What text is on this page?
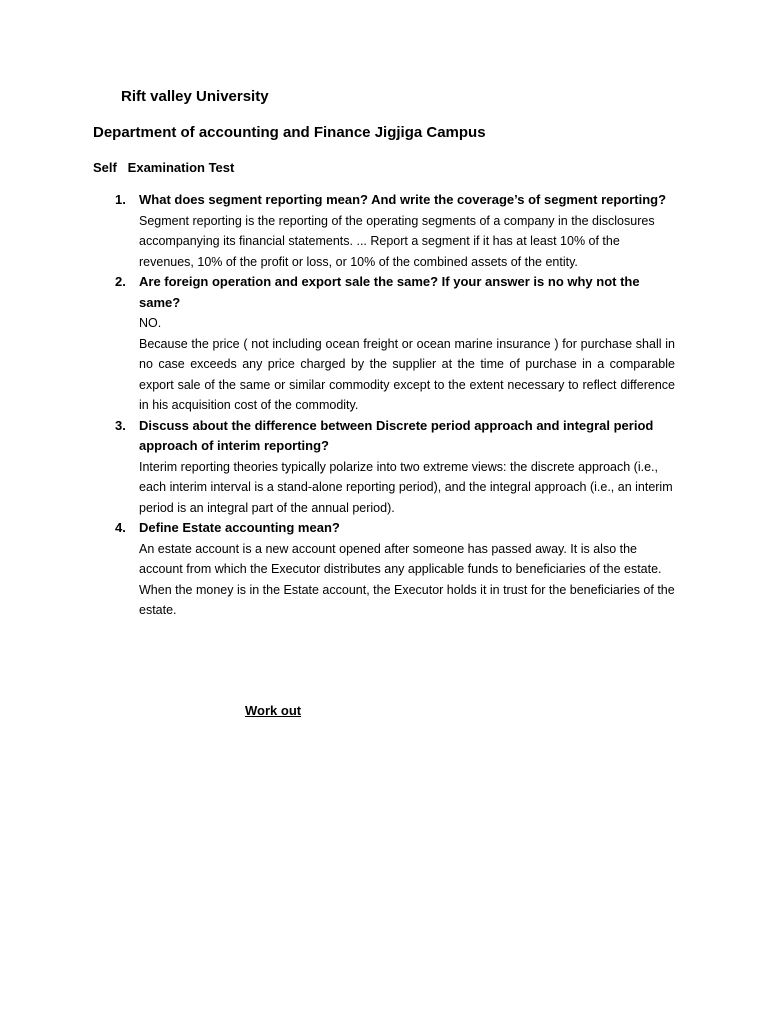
Rift valley University
Department of accounting and Finance Jigjiga Campus
Self   Examination Test
1. What does segment reporting mean? And write the coverage’s of segment reporting?

Segment reporting is the reporting of the operating segments of a company in the disclosures accompanying its financial statements. ... Report a segment if it has at least 10% of the revenues, 10% of the profit or loss, or 10% of the combined assets of the entity.

2. Are foreign operation and export sale the same? If your answer is no why not the same?

NO.

Because the price ( not including ocean freight or ocean marine insurance ) for purchase shall in no case exceeds any price charged by the supplier at the time of purchase in a comparable export sale of the same or similar commodity except to the extent necessary to reflect difference in his acquisition cost of the commodity.

3. Discuss about the difference between Discrete period approach and integral period approach of interim reporting?

Interim reporting theories typically polarize into two extreme views: the discrete approach (i.e., each interim interval is a stand-alone reporting period), and the integral approach (i.e., an interim period is an integral part of the annual period).

4. Define Estate accounting mean?

An estate account is a new account opened after someone has passed away. It is also the account from which the Executor distributes any applicable funds to beneficiaries of the estate. When the money is in the Estate account, the Executor holds it in trust for the beneficiaries of the estate.

Work out
